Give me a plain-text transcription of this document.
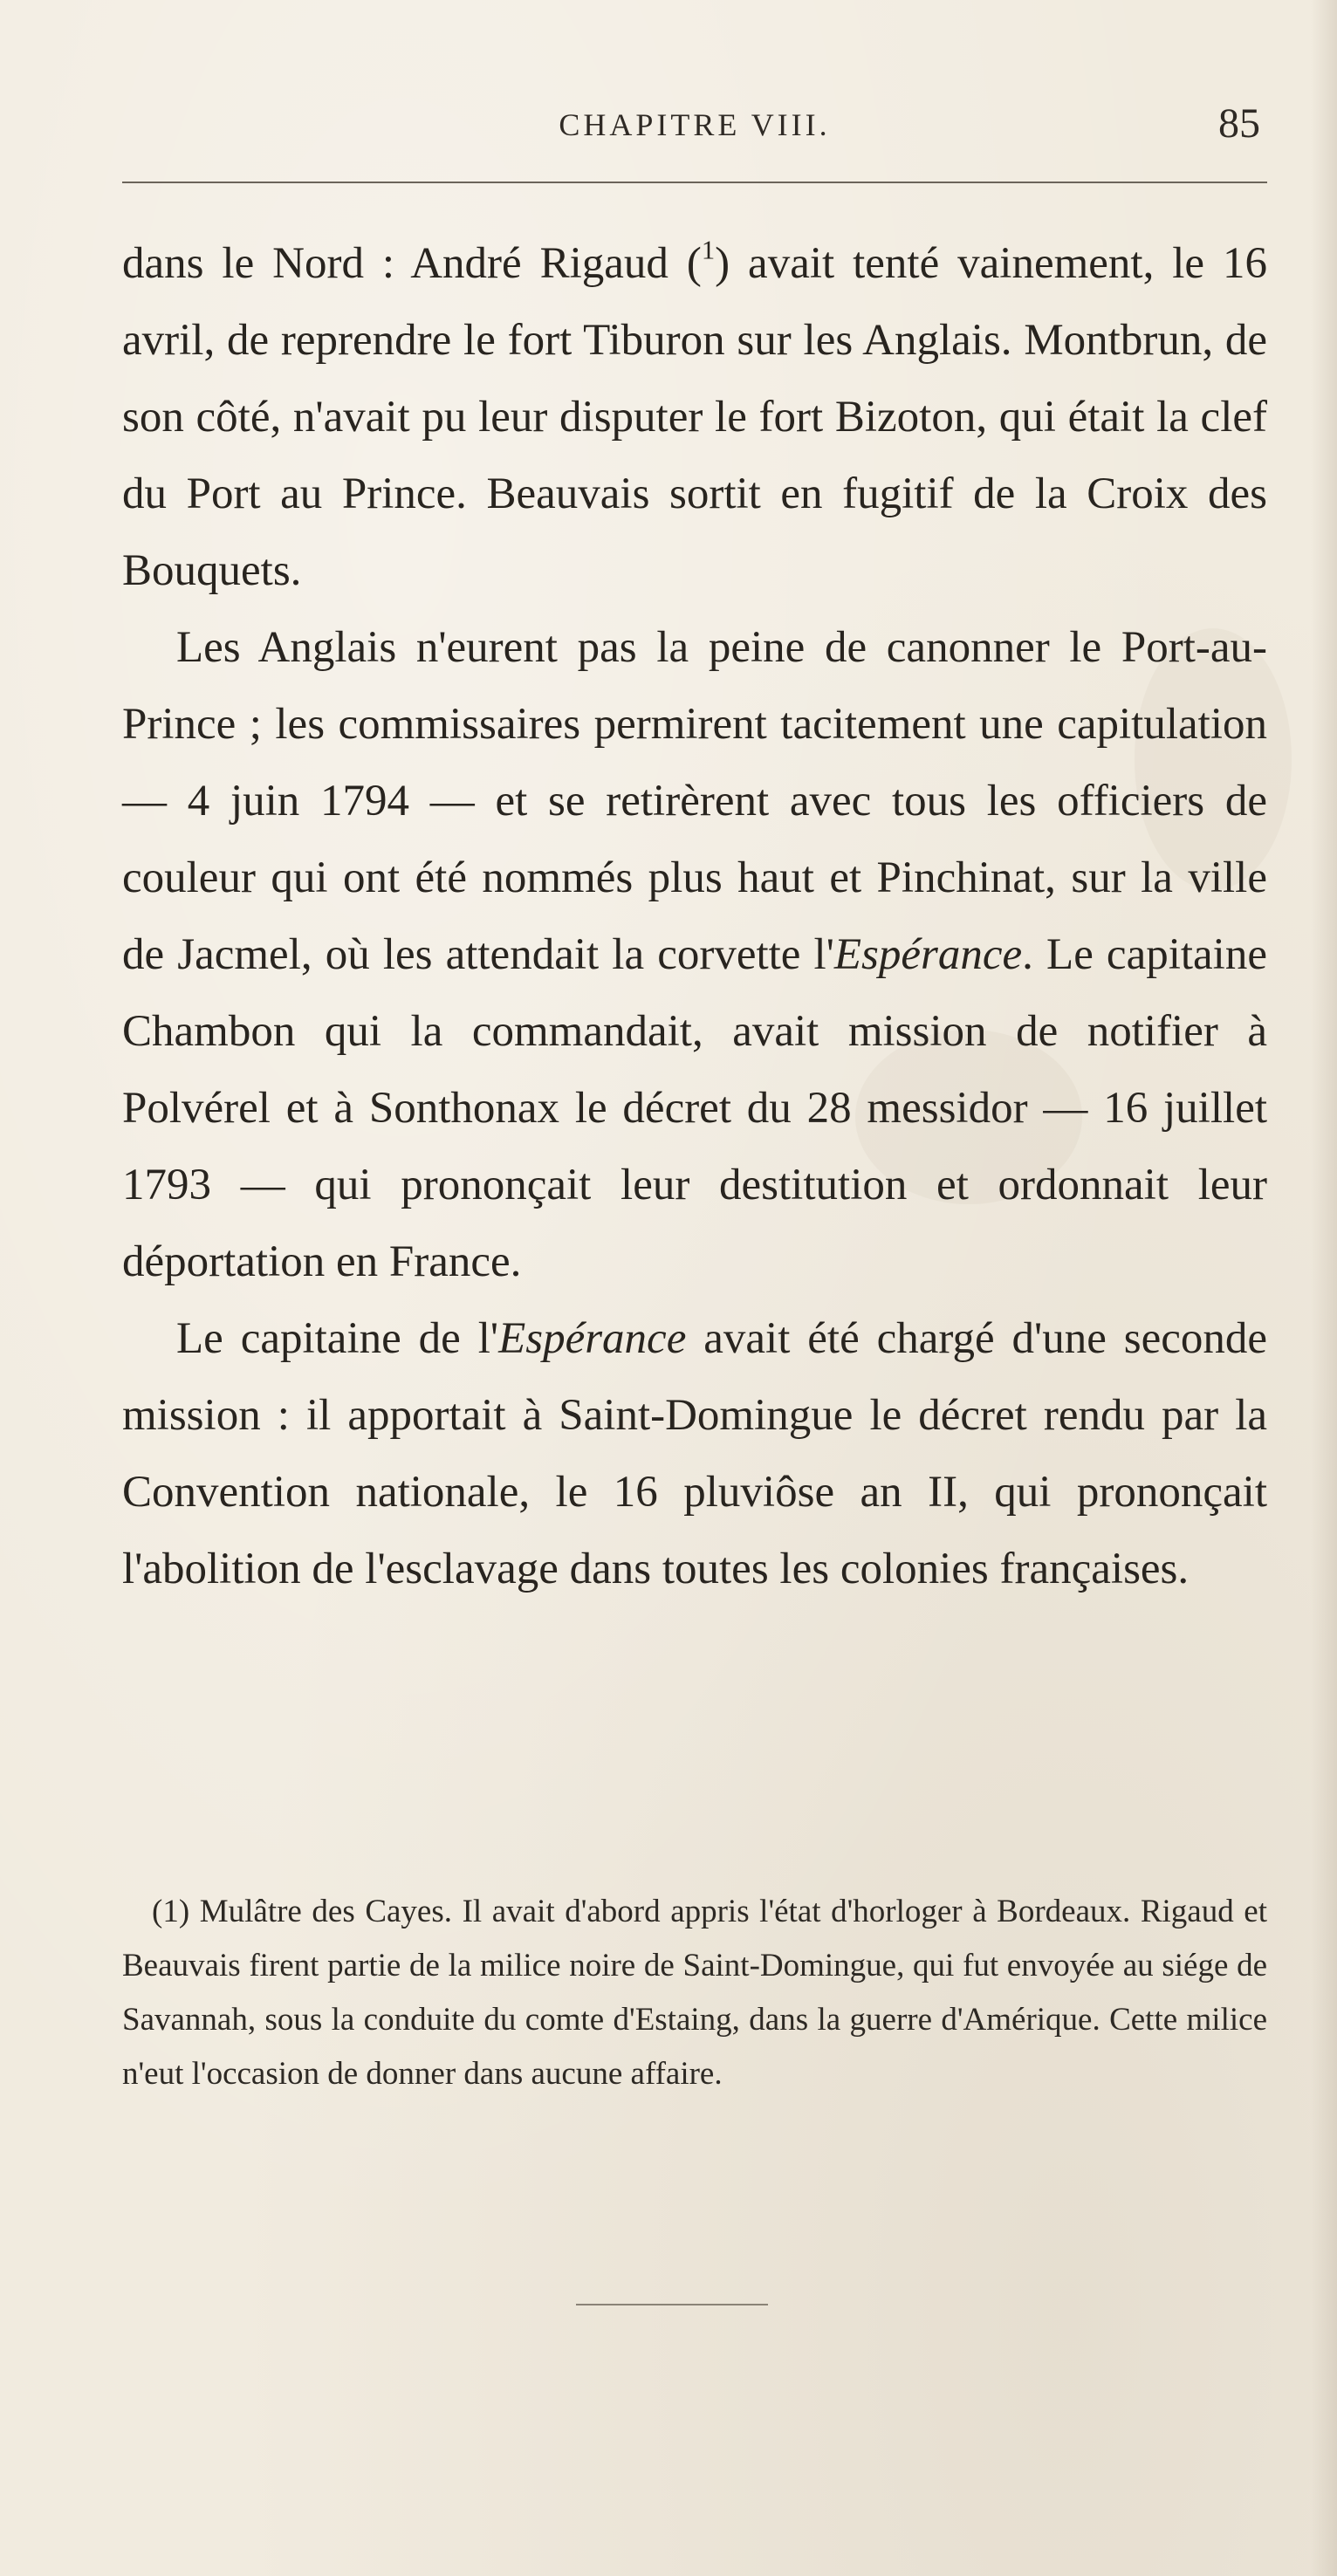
CHAPITRE VIII.	85

dans le Nord : André Rigaud ($^1$) avait tenté vainement, le 16 avril, de reprendre le fort Tiburon sur les Anglais. Montbrun, de son côté, n'avait pu leur disputer le fort Bizoton, qui était la clef du Port au Prince. Beauvais sortit en fugitif de la Croix des Bouquets.

Les Anglais n'eurent pas la peine de canonner le Port-au-Prince ; les commissaires permirent tacitement une capitulation — 4 juin 1794 — et se retirèrent avec tous les officiers de couleur qui ont été nommés plus haut et Pinchinat, sur la ville de Jacmel, où les attendait la corvette l'Espérance. Le capitaine Chambon qui la commandait, avait mission de notifier à Polvérel et à Sonthonax le décret du 28 messidor — 16 juillet 1793 — qui prononçait leur destitution et ordonnait leur déportation en France.

Le capitaine de l'Espérance avait été chargé d'une seconde mission : il apportait à Saint-Domingue le décret rendu par la Convention nationale, le 16 pluviôse an II, qui prononçait l'abolition de l'esclavage dans toutes les colonies françaises.

(1) Mulâtre des Cayes. Il avait d'abord appris l'état d'horloger à Bordeaux. Rigaud et Beauvais firent partie de la milice noire de Saint-Domingue, qui fut envoyée au siége de Savannah, sous la conduite du comte d'Estaing, dans la guerre d'Amérique. Cette milice n'eut l'occasion de donner dans aucune affaire.
